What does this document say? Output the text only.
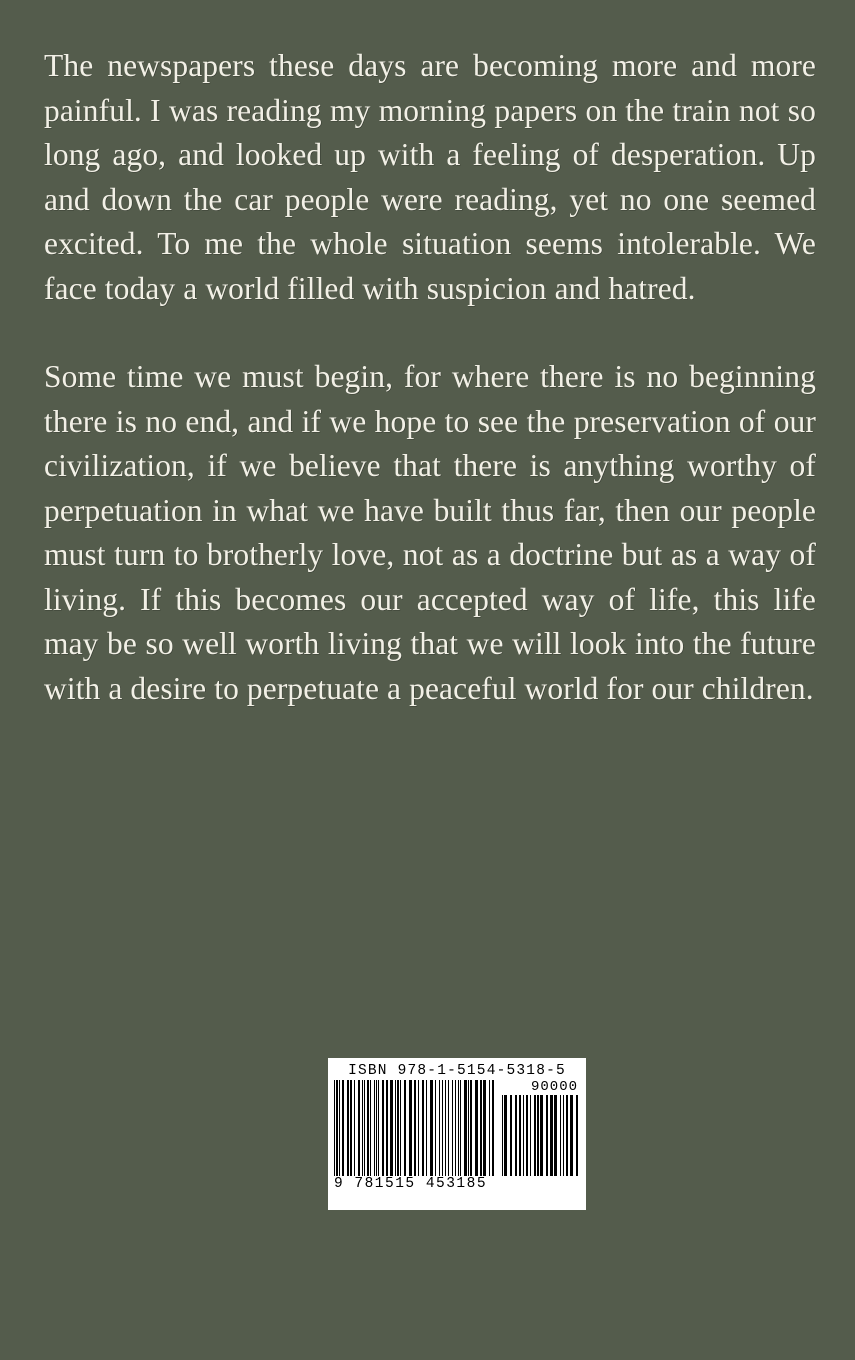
The newspapers these days are becoming more and more painful. I was reading my morning papers on the train not so long ago, and looked up with a feeling of desperation. Up and down the car people were reading, yet no one seemed excited. To me the whole situation seems intolerable. We face today a world filled with suspicion and hatred.

Some time we must begin, for where there is no beginning there is no end, and if we hope to see the preservation of our civilization, if we believe that there is anything worthy of perpetuation in what we have built thus far, then our people must turn to brotherly love, not as a doctrine but as a way of living. If this becomes our accepted way of life, this life may be so well worth living that we will look into the future with a desire to perpetuate a peaceful world for our children.

ISBN 978-1-5154-5318-5
90000
9 781515 453185
